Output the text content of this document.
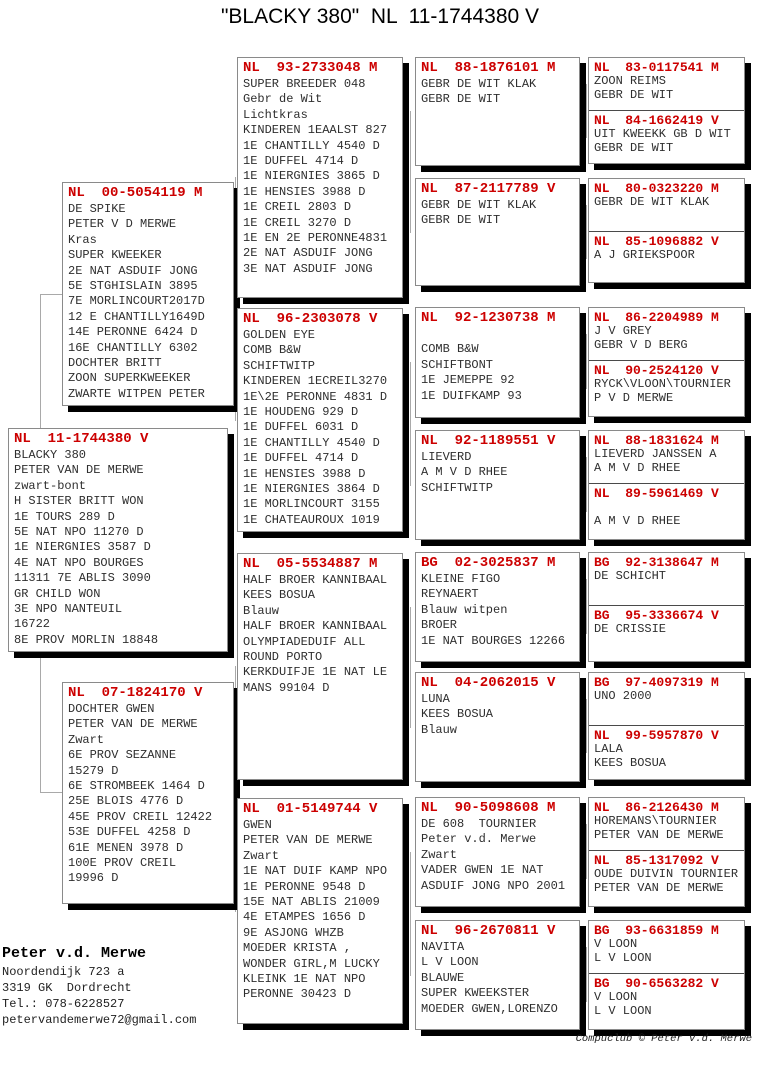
"BLACKY 380"  NL  11-1744380 V
NL  11-1744380 V
BLACKY 380
PETER VAN DE MERWE
zwart-bont
H SISTER BRITT WON
1E TOURS 289 D
5E NAT NPO 11270 D
1E NIERGNIES 3587 D
4E NAT NPO BOURGES
11311 7E ABLIS 3090
GR CHILD WON
3E NPO NANTEUIL
16722
8E PROV MORLIN 18848
NL  00-5054119 M
DE SPIKE
PETER V D MERWE
Kras
SUPER KWEEKER
2E NAT ASDUIF JONG
5E STGHISLAIN 3895
7E MORLINCOURT2017D
12 E CHANTILLY1649D
14E PERONNE 6424 D
16E CHANTILLY 6302
DOCHTER BRITT
ZOON SUPERKWEEKER
ZWARTE WITPEN PETER
NL  07-1824170 V
DOCHTER GWEN
PETER VAN DE MERWE
Zwart
6E PROV SEZANNE
15279 D
6E STROMBEEK 1464 D
25E BLOIS 4776 D
45E PROV CREIL 12422
53E DUFFEL 4258 D
61E MENEN 3978 D
100E PROV CREIL
19996 D
NL  93-2733048 M
SUPER BREEDER 048
Gebr de Wit
Lichtkras
KINDEREN 1EAALST 827
1E CHANTILLY 4540 D
1E DUFFEL 4714 D
1E NIERGNIES 3865 D
1E HENSIES 3988 D
1E CREIL 2803 D
1E CREIL 3270 D
1E EN 2E PERONNE4831
2E NAT ASDUIF JONG
3E NAT ASDUIF JONG
NL  96-2303078 V
GOLDEN EYE
COMB B&W
SCHIFTWITP
KINDEREN 1ECREIL3270
1E\2E PERONNE 4831 D
1E HOUDENG 929 D
1E DUFFEL 6031 D
1E CHANTILLY 4540 D
1E DUFFEL 4714 D
1E HENSIES 3988 D
1E NIERGNIES 3864 D
1E MORLINCOURT 3155
1E CHATEAUROUX 1019
NL  05-5534887 M
HALF BROER KANNIBAAL
KEES BOSUA
Blauw
HALF BROER KANNIBAAL
OLYMPIADEDUIF ALL
ROUND PORTO
KERKDUIFJE 1E NAT LE
MANS 99104 D
NL  01-5149744 V
GWEN
PETER VAN DE MERWE
Zwart
1E NAT DUIF KAMP NPO
1E PERONNE 9548 D
15E NAT ABLIS 21009
4E ETAMPES 1656 D
9E ASJONG WHZB
MOEDER KRISTA ,
WONDER GIRL,M LUCKY
KLEINK 1E NAT NPO
PERONNE 30423 D
NL  88-1876101 M
GEBR DE WIT KLAK
GEBR DE WIT
NL  87-2117789 V
GEBR DE WIT KLAK
GEBR DE WIT
NL  92-1230738 M
COMB B&W
SCHIFTBONT
1E JEMEPPE 92
1E DUIFKAMP 93
NL  92-1189551 V
LIEVERD
A M V D RHEE
SCHIFTWITP
BG  02-3025837 M
KLEINE FIGO
REYNAERT
Blauw witpen
BROER
1E NAT BOURGES 12266
NL  04-2062015 V
LUNA
KEES BOSUA
Blauw
NL  90-5098608 M
DE 608  TOURNIER
Peter v.d. Merwe
Zwart
VADER GWEN 1E NAT
ASDUIF JONG NPO 2001
NL  96-2670811 V
NAVITA
L V LOON
BLAUWE
SUPER KWEEKSTER
MOEDER GWEN,LORENZO
NL  83-0117541 M
ZOON REIMS
GEBR DE WIT
NL  84-1662419 V
UIT KWEEKK GB D WIT
GEBR DE WIT
NL  80-0323220 M
GEBR DE WIT KLAK
NL  85-1096882 V
A J GRIEKSPOOR
NL  86-2204989 M
J V GREY
GEBR V D BERG
NL  90-2524120 V
RYCK\VLOON\TOURNIER
P V D MERWE
NL  88-1831624 M
LIEVERD JANSSEN A
A M V D RHEE
NL  89-5961469 V
A M V D RHEE
BG  92-3138647 M
DE SCHICHT
BG  95-3336674 V
DE CRISSIE
BG  97-4097319 M
UNO 2000
NL  99-5957870 V
LALA
KEES BOSUA
NL  86-2126430 M
HOREMANS\TOURNIER
PETER VAN DE MERWE
NL  85-1317092 V
OUDE DUIVIN TOURNIER
PETER VAN DE MERWE
BG  93-6631859 M
V LOON
L V LOON
BG  90-6563282 V
V LOON
L V LOON
Peter v.d. Merwe
Noordendijk 723 a
3319 GK  Dordrecht
Tel.: 078-6228527
petervandemerwe72@gmail.com
Compuclub © Peter v.d. Merwe
